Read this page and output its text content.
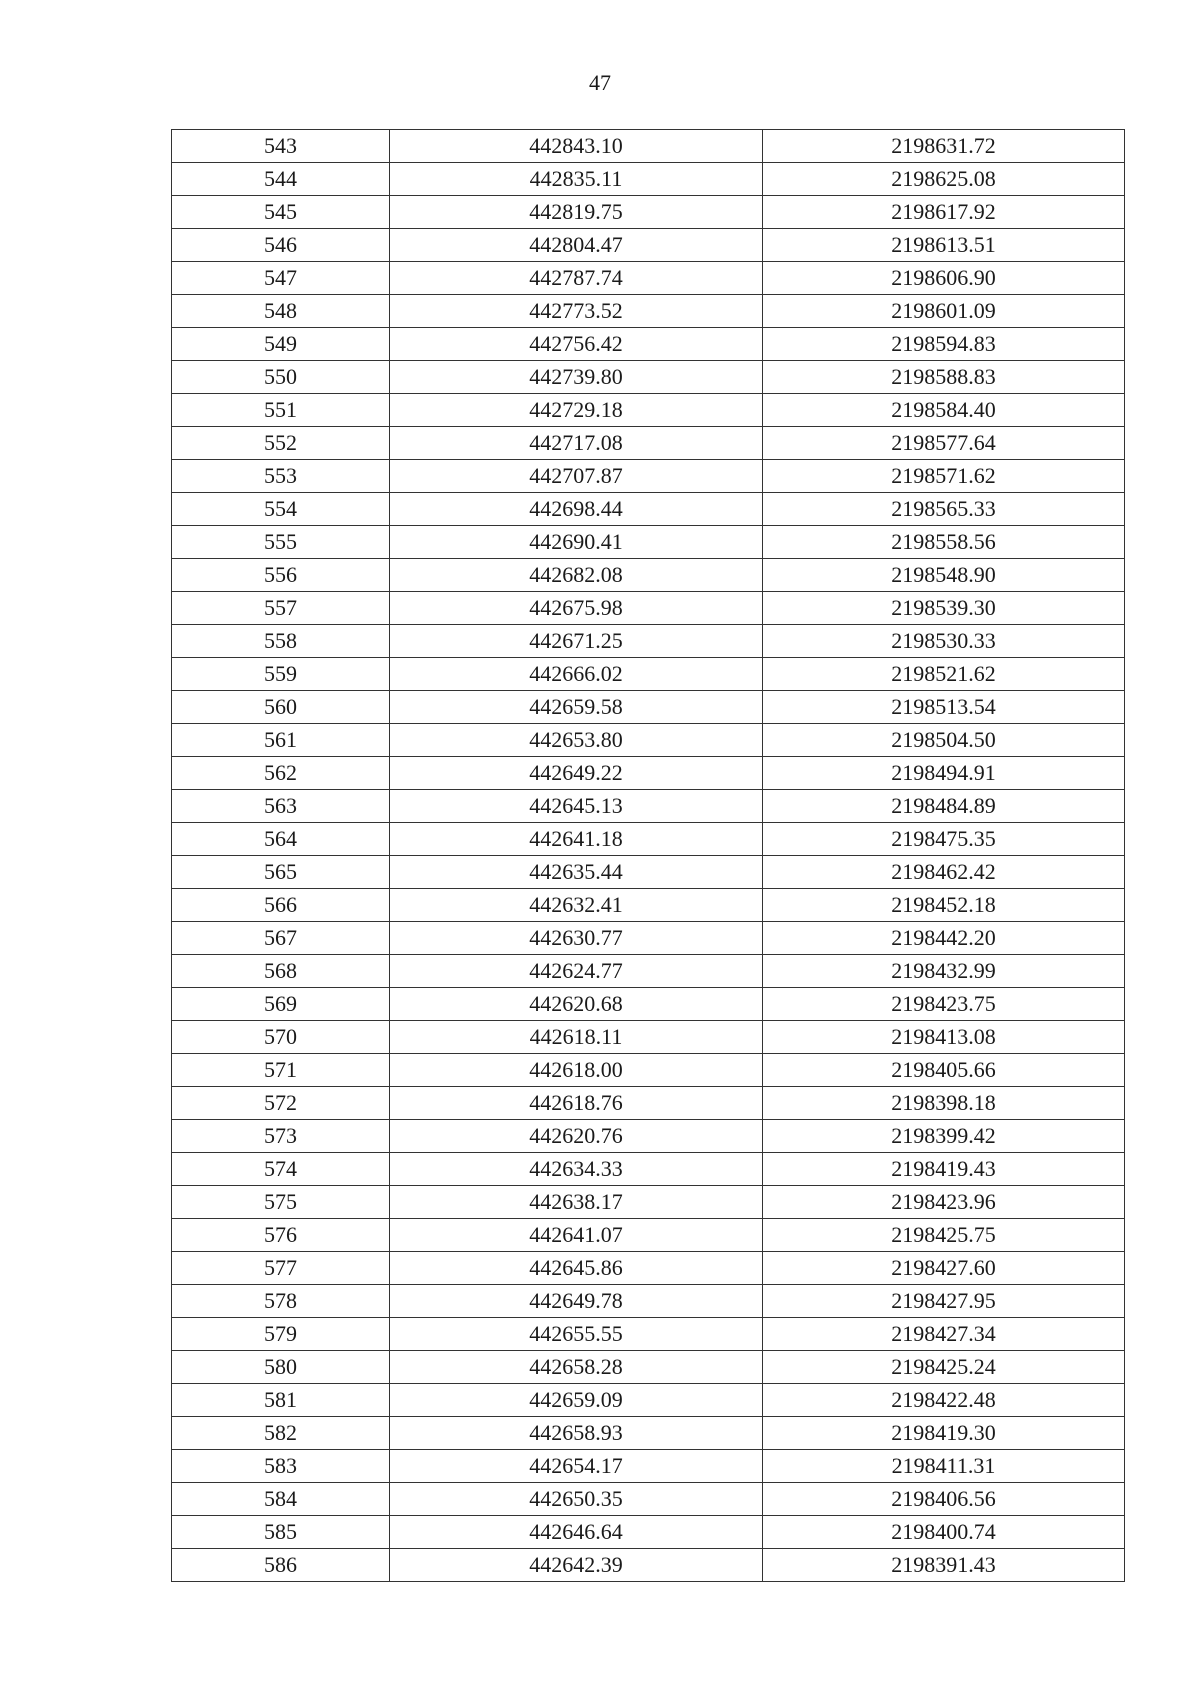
47
543	442843.10	2198631.72
544	442835.11	2198625.08
545	442819.75	2198617.92
546	442804.47	2198613.51
547	442787.74	2198606.90
548	442773.52	2198601.09
549	442756.42	2198594.83
550	442739.80	2198588.83
551	442729.18	2198584.40
552	442717.08	2198577.64
553	442707.87	2198571.62
554	442698.44	2198565.33
555	442690.41	2198558.56
556	442682.08	2198548.90
557	442675.98	2198539.30
558	442671.25	2198530.33
559	442666.02	2198521.62
560	442659.58	2198513.54
561	442653.80	2198504.50
562	442649.22	2198494.91
563	442645.13	2198484.89
564	442641.18	2198475.35
565	442635.44	2198462.42
566	442632.41	2198452.18
567	442630.77	2198442.20
568	442624.77	2198432.99
569	442620.68	2198423.75
570	442618.11	2198413.08
571	442618.00	2198405.66
572	442618.76	2198398.18
573	442620.76	2198399.42
574	442634.33	2198419.43
575	442638.17	2198423.96
576	442641.07	2198425.75
577	442645.86	2198427.60
578	442649.78	2198427.95
579	442655.55	2198427.34
580	442658.28	2198425.24
581	442659.09	2198422.48
582	442658.93	2198419.30
583	442654.17	2198411.31
584	442650.35	2198406.56
585	442646.64	2198400.74
586	442642.39	2198391.43
